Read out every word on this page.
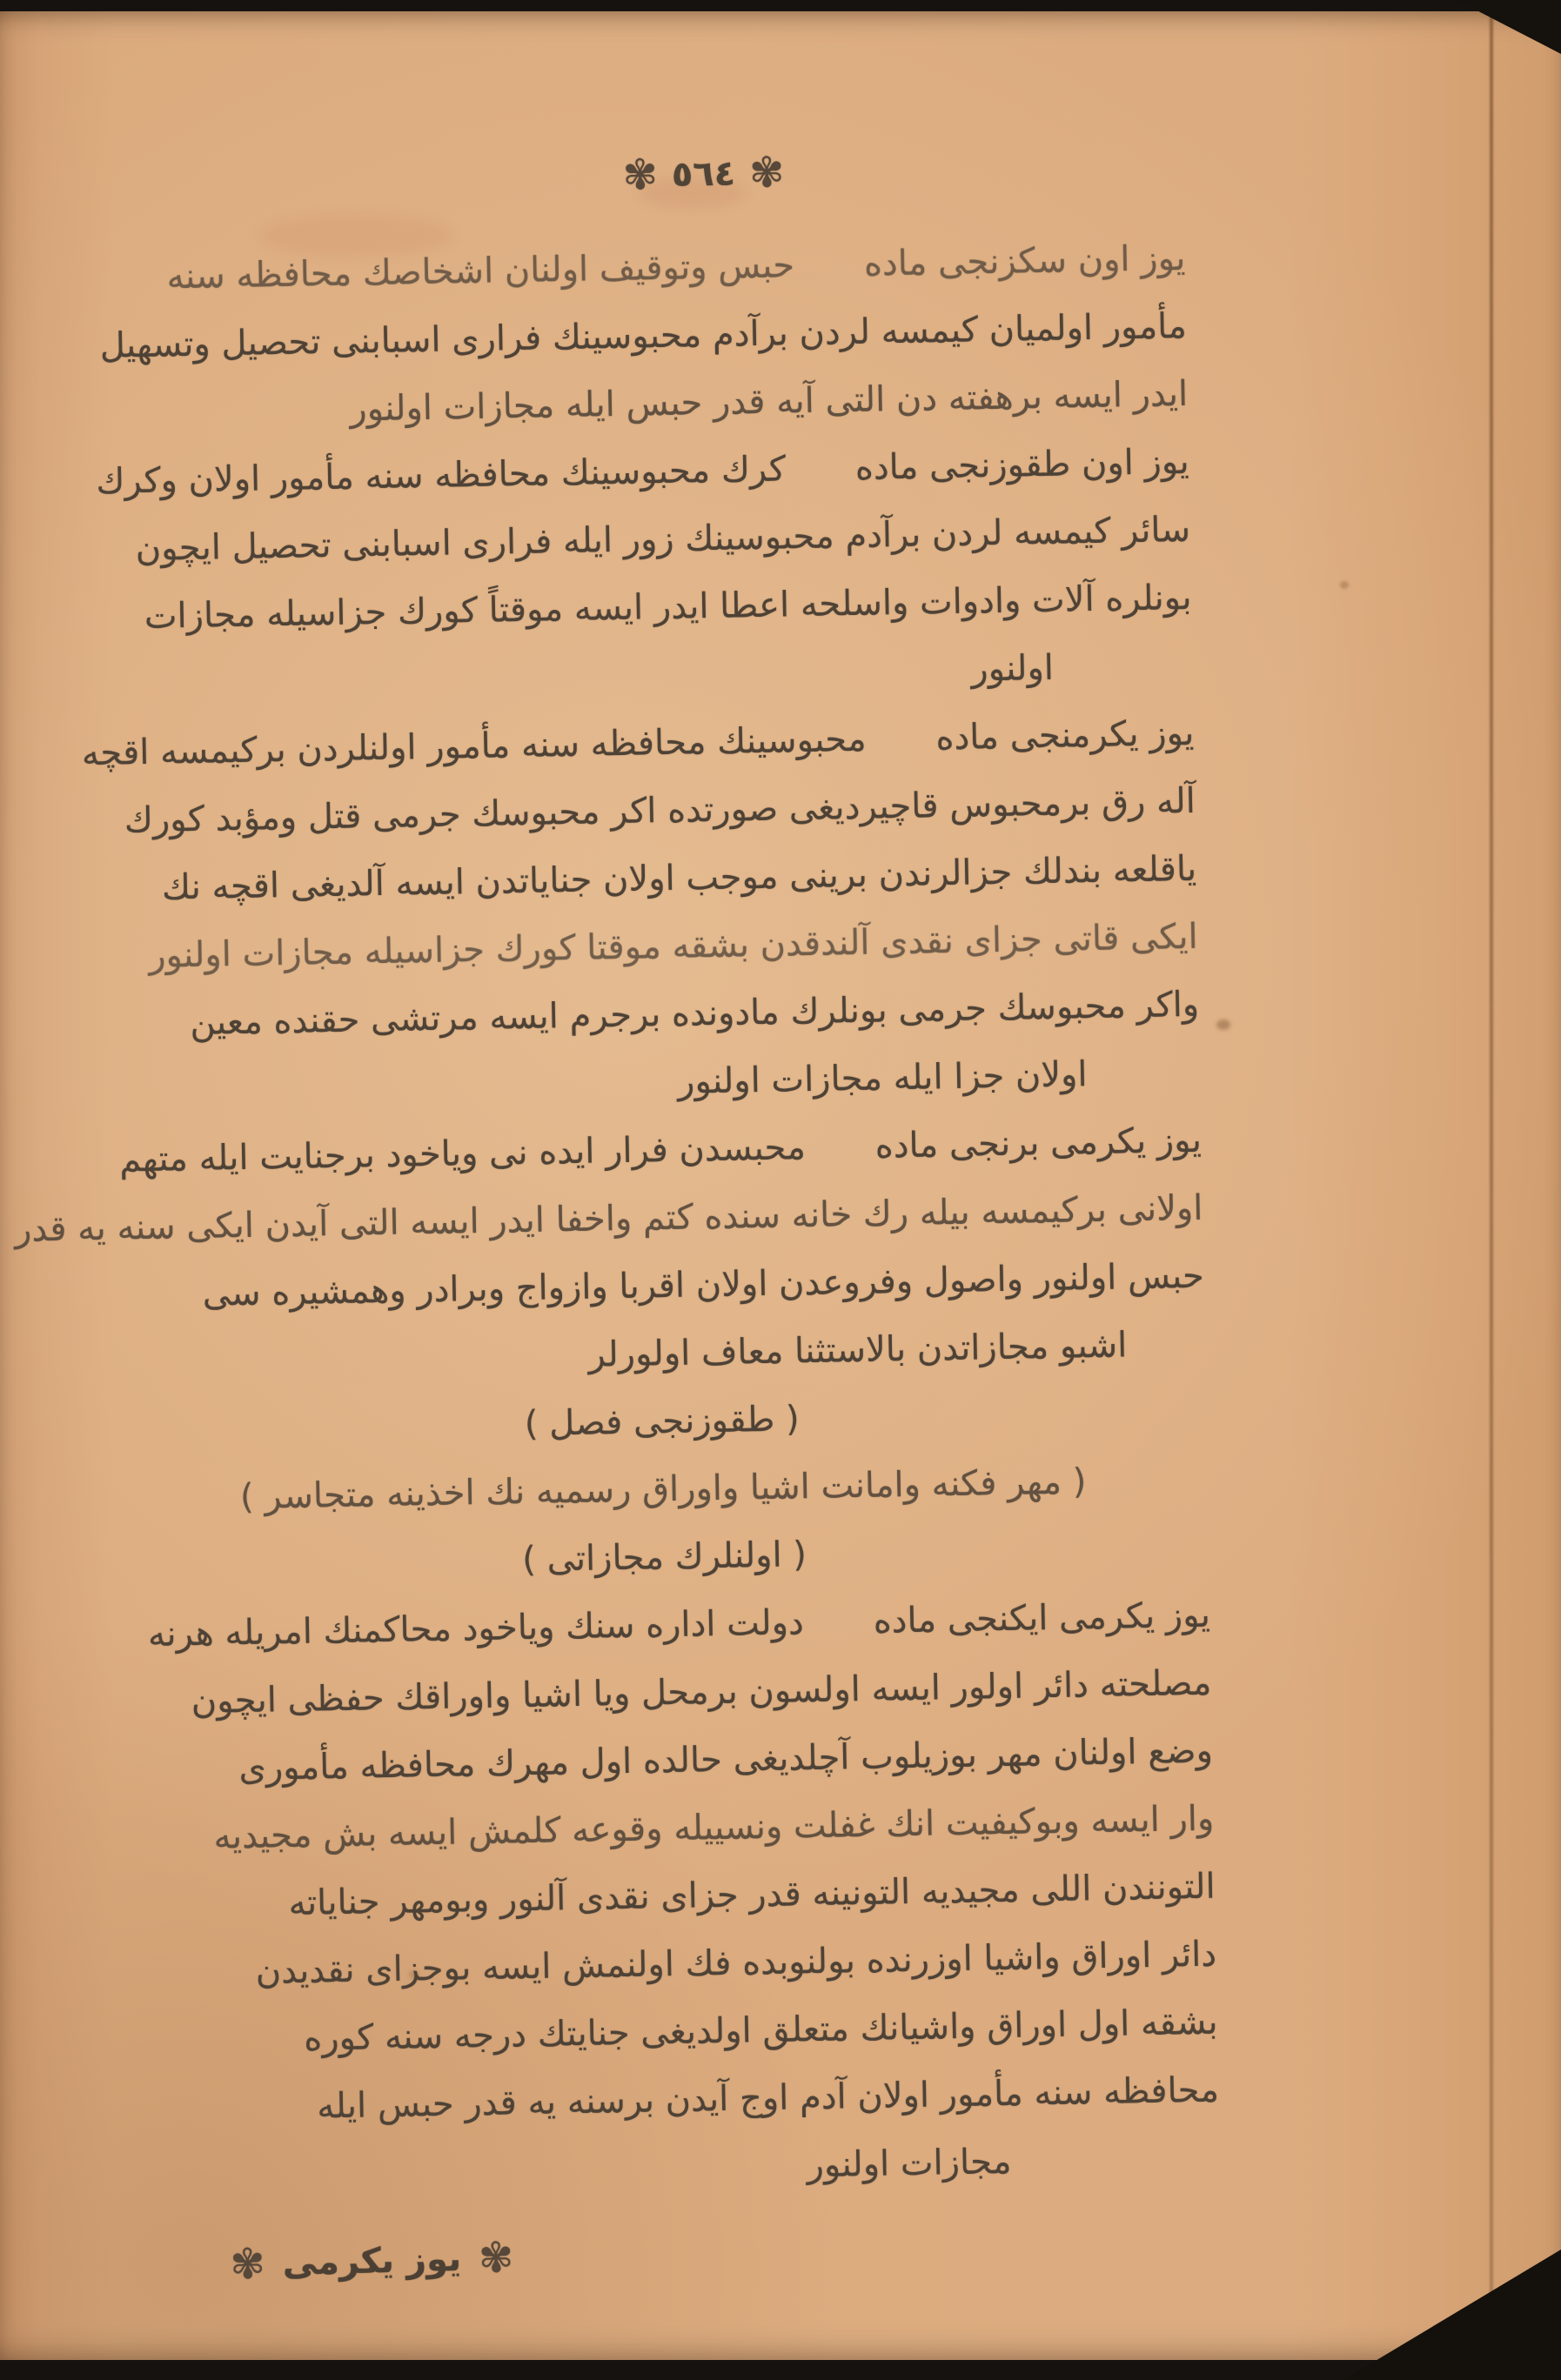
✾
٥٦٤
✾
يوز اون سكزنجى ماده  حبس وتوقيف اولنان اشخاصك محافظه سنه
مأمور اولميان كيمسه لردن برآدم محبوسينك فرارى اسبابنى تحصيل وتسهيل
ايدر ايسه برهفته دن التى آيه قدر حبس ايله مجازات اولنور
يوز اون طقوزنجى ماده  كرك محبوسينك محافظه سنه مأمور اولان وكرك
سائر كيمسه لردن برآدم محبوسينك زور ايله فرارى اسبابنى تحصيل ايچون
بونلره آلات وادوات واسلحه اعطا ايدر ايسه موقتاً كورك جزاسيله مجازات
اولنور
يوز يكرمنجى ماده  محبوسينك محافظه سنه مأمور اولنلردن بركيمسه اقچه
آله رق برمحبوس قاچيرديغى صورتده اكر محبوسك جرمى قتل ومؤبد كورك
ياقلعه بندلك جزالرندن برينى موجب اولان جناياتدن ايسه آلديغى اقچه نك
ايكى قاتى جزاى نقدى آلندقدن بشقه موقتا كورك جزاسيله مجازات اولنور
واكر محبوسك جرمى بونلرك مادونده برجرم ايسه مرتشى حقنده معين
اولان جزا ايله مجازات اولنور
يوز يكرمى برنجى ماده  محبسدن فرار ايده نى وياخود برجنايت ايله متهم
اولانى بركيمسه بيله رك خانه سنده كتم واخفا ايدر ايسه التى آيدن ايكى سنه يه قدر
حبس اولنور واصول وفروعدن اولان اقربا وازواج وبرادر وهمشيره سى
اشبو مجازاتدن بالاستثنا معاف اولورلر
( طقوزنجى فصل )
( مهر فكنه وامانت اشيا واوراق رسميه نك اخذينه متجاسر )
( اولنلرك مجازاتى )
يوز يكرمى ايكنجى ماده  دولت اداره سنك وياخود محاكمنك امريله هرنه
مصلحته دائر اولور ايسه اولسون برمحل ويا اشيا واوراقك حفظى ايچون
وضع اولنان مهر بوزيلوب آچلديغى حالده اول مهرك محافظه مأمورى
وار ايسه وبوكيفيت انك غفلت ونسييله وقوعه كلمش ايسه بش مجيديه
التونندن اللى مجيديه التونينه قدر جزاى نقدى آلنور وبومهر جناياته
دائر اوراق واشيا اوزرنده بولنوبده فك اولنمش ايسه بوجزاى نقديدن
بشقه اول اوراق واشيانك متعلق اولديغى جنايتك درجه سنه كوره
محافظه سنه مأمور اولان آدم اوج آيدن برسنه يه قدر حبس ايله
مجازات اولنور
✾
يوز يكرمى
✾
